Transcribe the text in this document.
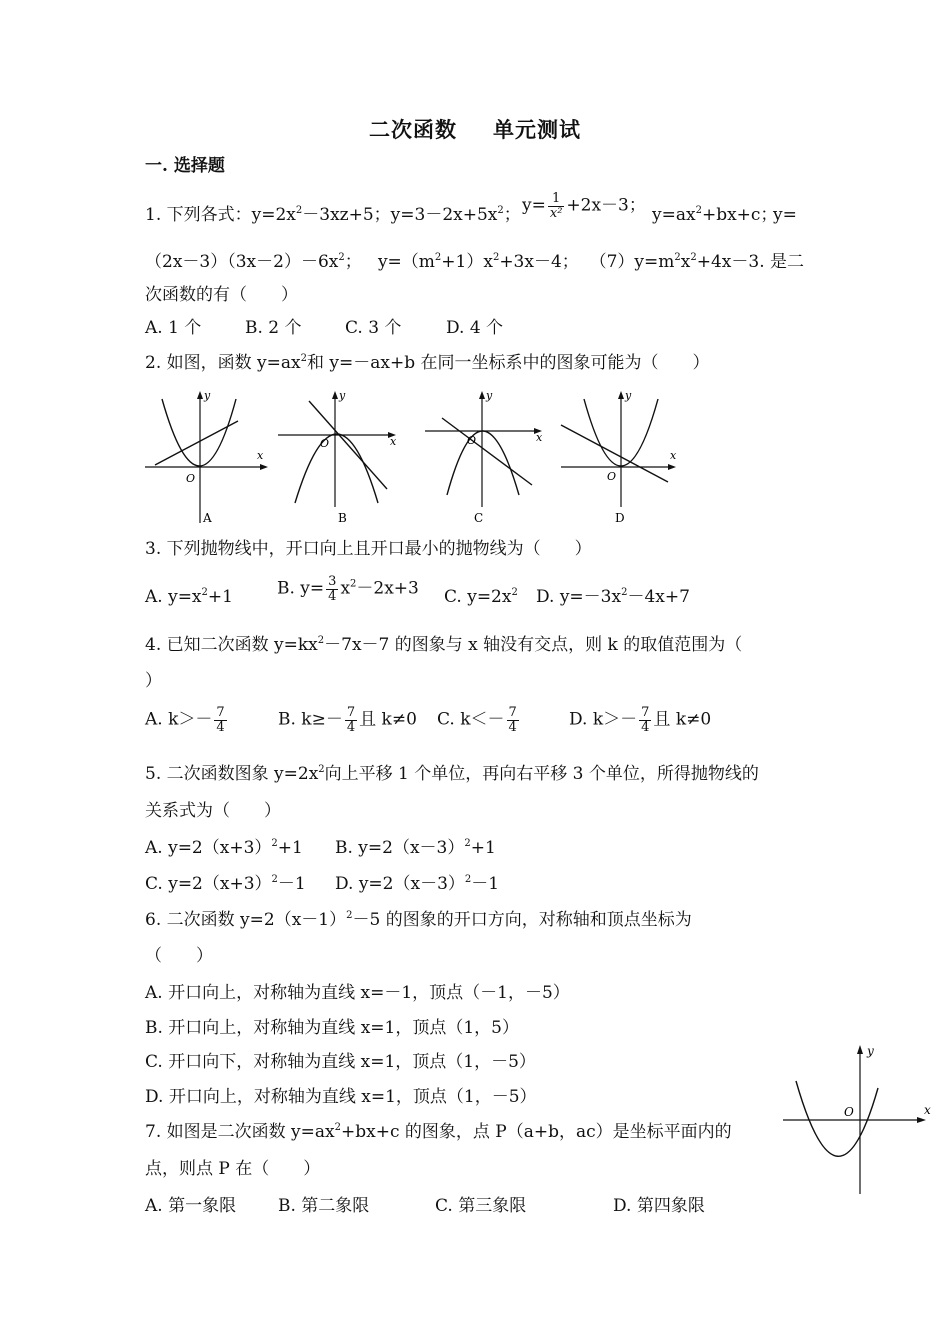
二次函数 单元测试
一. 选择题
1. 下列各式：$y=2x^2-3xz+5$；$y=3-2x+5x^2$； $y= \frac{1}{\text{x²}} +2x-3$； $y=ax^2+bx+c$；
y=
$(2x-3)(3x-2)-6x^2$； $y=(m^2+1)x^2+3x-4$； $(7)y=m^2x^2+4x-3$. 是二
次函数的有（　　）
A. 1 个	B. 2 个	C. 3 个	D. 4 个
2. 如图，函数 $y=ax^2$和 y=－ax+b 在同一坐标系中的图象可能为（　　）
x
y
O
A
x
y
O
B
x
y
O
C
x
y
O
D
3. 下列抛物线中，开口向上且开口最小的抛物线为（　　）
A. $y=x^2+1$	B. $y= \frac{3}{4} x^2-2x+3$ C. $y=2x^2$ D. $y=-3x^2-4x+7$
4. 已知二次函数 $y=kx^2-7x-7$ 的图象与 x 轴没有交点，则 k 的取值范围为（
）
A. $k>- \frac{7}{4}$	B. $k\ge- \frac{7}{4}$ 且 k≠0 C. $k<- \frac{7}{4}$	D. $k>- \frac{7}{4}$ 且 k≠0
5. 二次函数图象 $y=2x^2$向上平移 1 个单位，再向右平移 3 个单位，所得抛物线的
关系式为（　　）
A. $y=2(x+3)^2+1$ B. $y=2(x-3)^2+1$
C. $y=2(x+3)^2-1$ D. $y=2(x-3)^2-1$
6. 二次函数 $y=2(x-1)^2-5$ 的图象的开口方向，对称轴和顶点坐标为
（　　）
A. 开口向上，对称轴为直线 x=－1，顶点（－1，－5）
B. 开口向上，对称轴为直线 x=1，顶点（1，5）
C. 开口向下，对称轴为直线 x=1，顶点（1，－5）
D. 开口向上，对称轴为直线 x=1，顶点（1，－5）
x
y
O
7. 如图是二次函数 $y=ax^2+bx+c$ 的图象，点 P（a+b，ac）是坐标平面内的
点，则点 P 在（　　）
A. 第一象限 B. 第二象限	C. 第三象限	D. 第四象限
